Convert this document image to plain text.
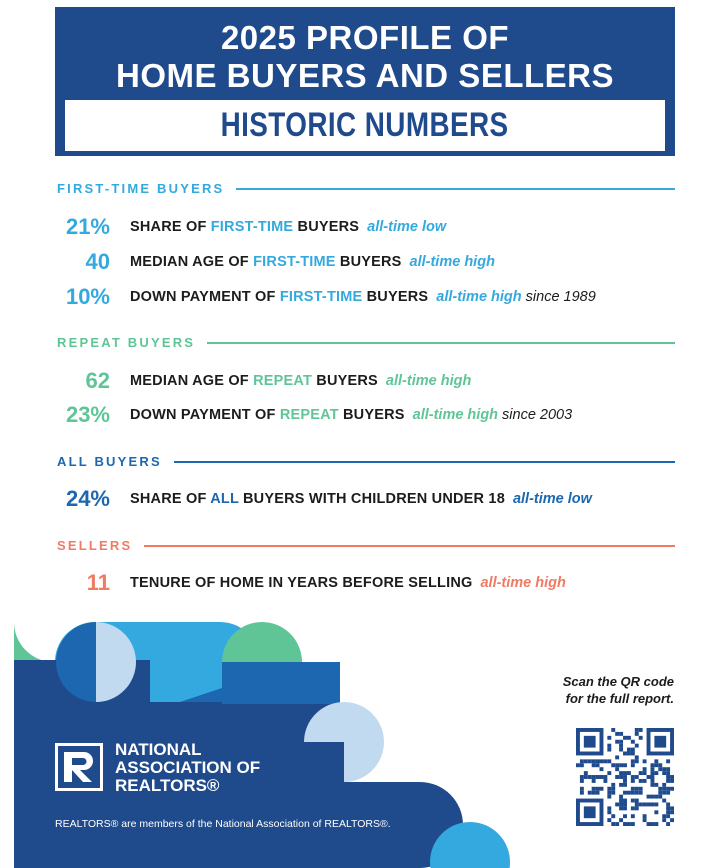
2025 PROFILE OF
HOME BUYERS AND SELLERS
HISTORIC NUMBERS
FIRST-TIME BUYERS
21% SHARE OF FIRST-TIME BUYERS all-time low
40 MEDIAN AGE OF FIRST-TIME BUYERS all-time high
10% DOWN PAYMENT OF FIRST-TIME BUYERS all-time high since 1989
REPEAT BUYERS
62 MEDIAN AGE OF REPEAT BUYERS all-time high
23% DOWN PAYMENT OF REPEAT BUYERS all-time high since 2003
ALL BUYERS
24% SHARE OF ALL BUYERS WITH CHILDREN UNDER 18 all-time low
SELLERS
11 TENURE OF HOME IN YEARS BEFORE SELLING all-time high
NATIONAL
ASSOCIATION OF
REALTORS®
REALTORS® are members of the National Association of REALTORS®.
Scan the QR code
for the full report.
